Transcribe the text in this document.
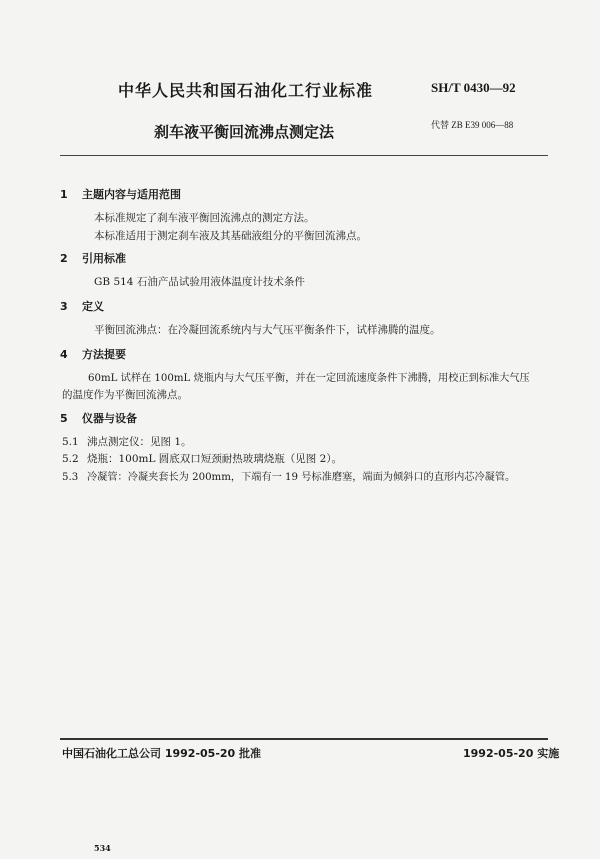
中华人民共和国石油化工行业标准	SH/T 0430—92
刹车液平衡回流沸点测定法	代替 ZB E39 006—88
1 主题内容与适用范围
本标准规定了刹车液平衡回流沸点的测定方法。
本标准适用于测定刹车液及其基础液组分的平衡回流沸点。
2 引用标准
GB 514 石油产品试验用液体温度计技术条件
3 定义
平衡回流沸点：在冷凝回流系统内与大气压平衡条件下，试样沸腾的温度。
4 方法提要
60mL 试样在 100mL 烧瓶内与大气压平衡，并在一定回流速度条件下沸腾，用校正到标准大气压
的温度作为平衡回流沸点。
5 仪器与设备
5.1 沸点测定仪：见图 1。
5.2 烧瓶：100mL 圆底双口短颈耐热玻璃烧瓶（见图 2）。
5.3 冷凝管：冷凝夹套长为 200mm，下端有一 19 号标准磨塞，端面为倾斜口的直形内芯冷凝管。
中国石油化工总公司 1992-05-20 批准	1992-05-20 实施
534
